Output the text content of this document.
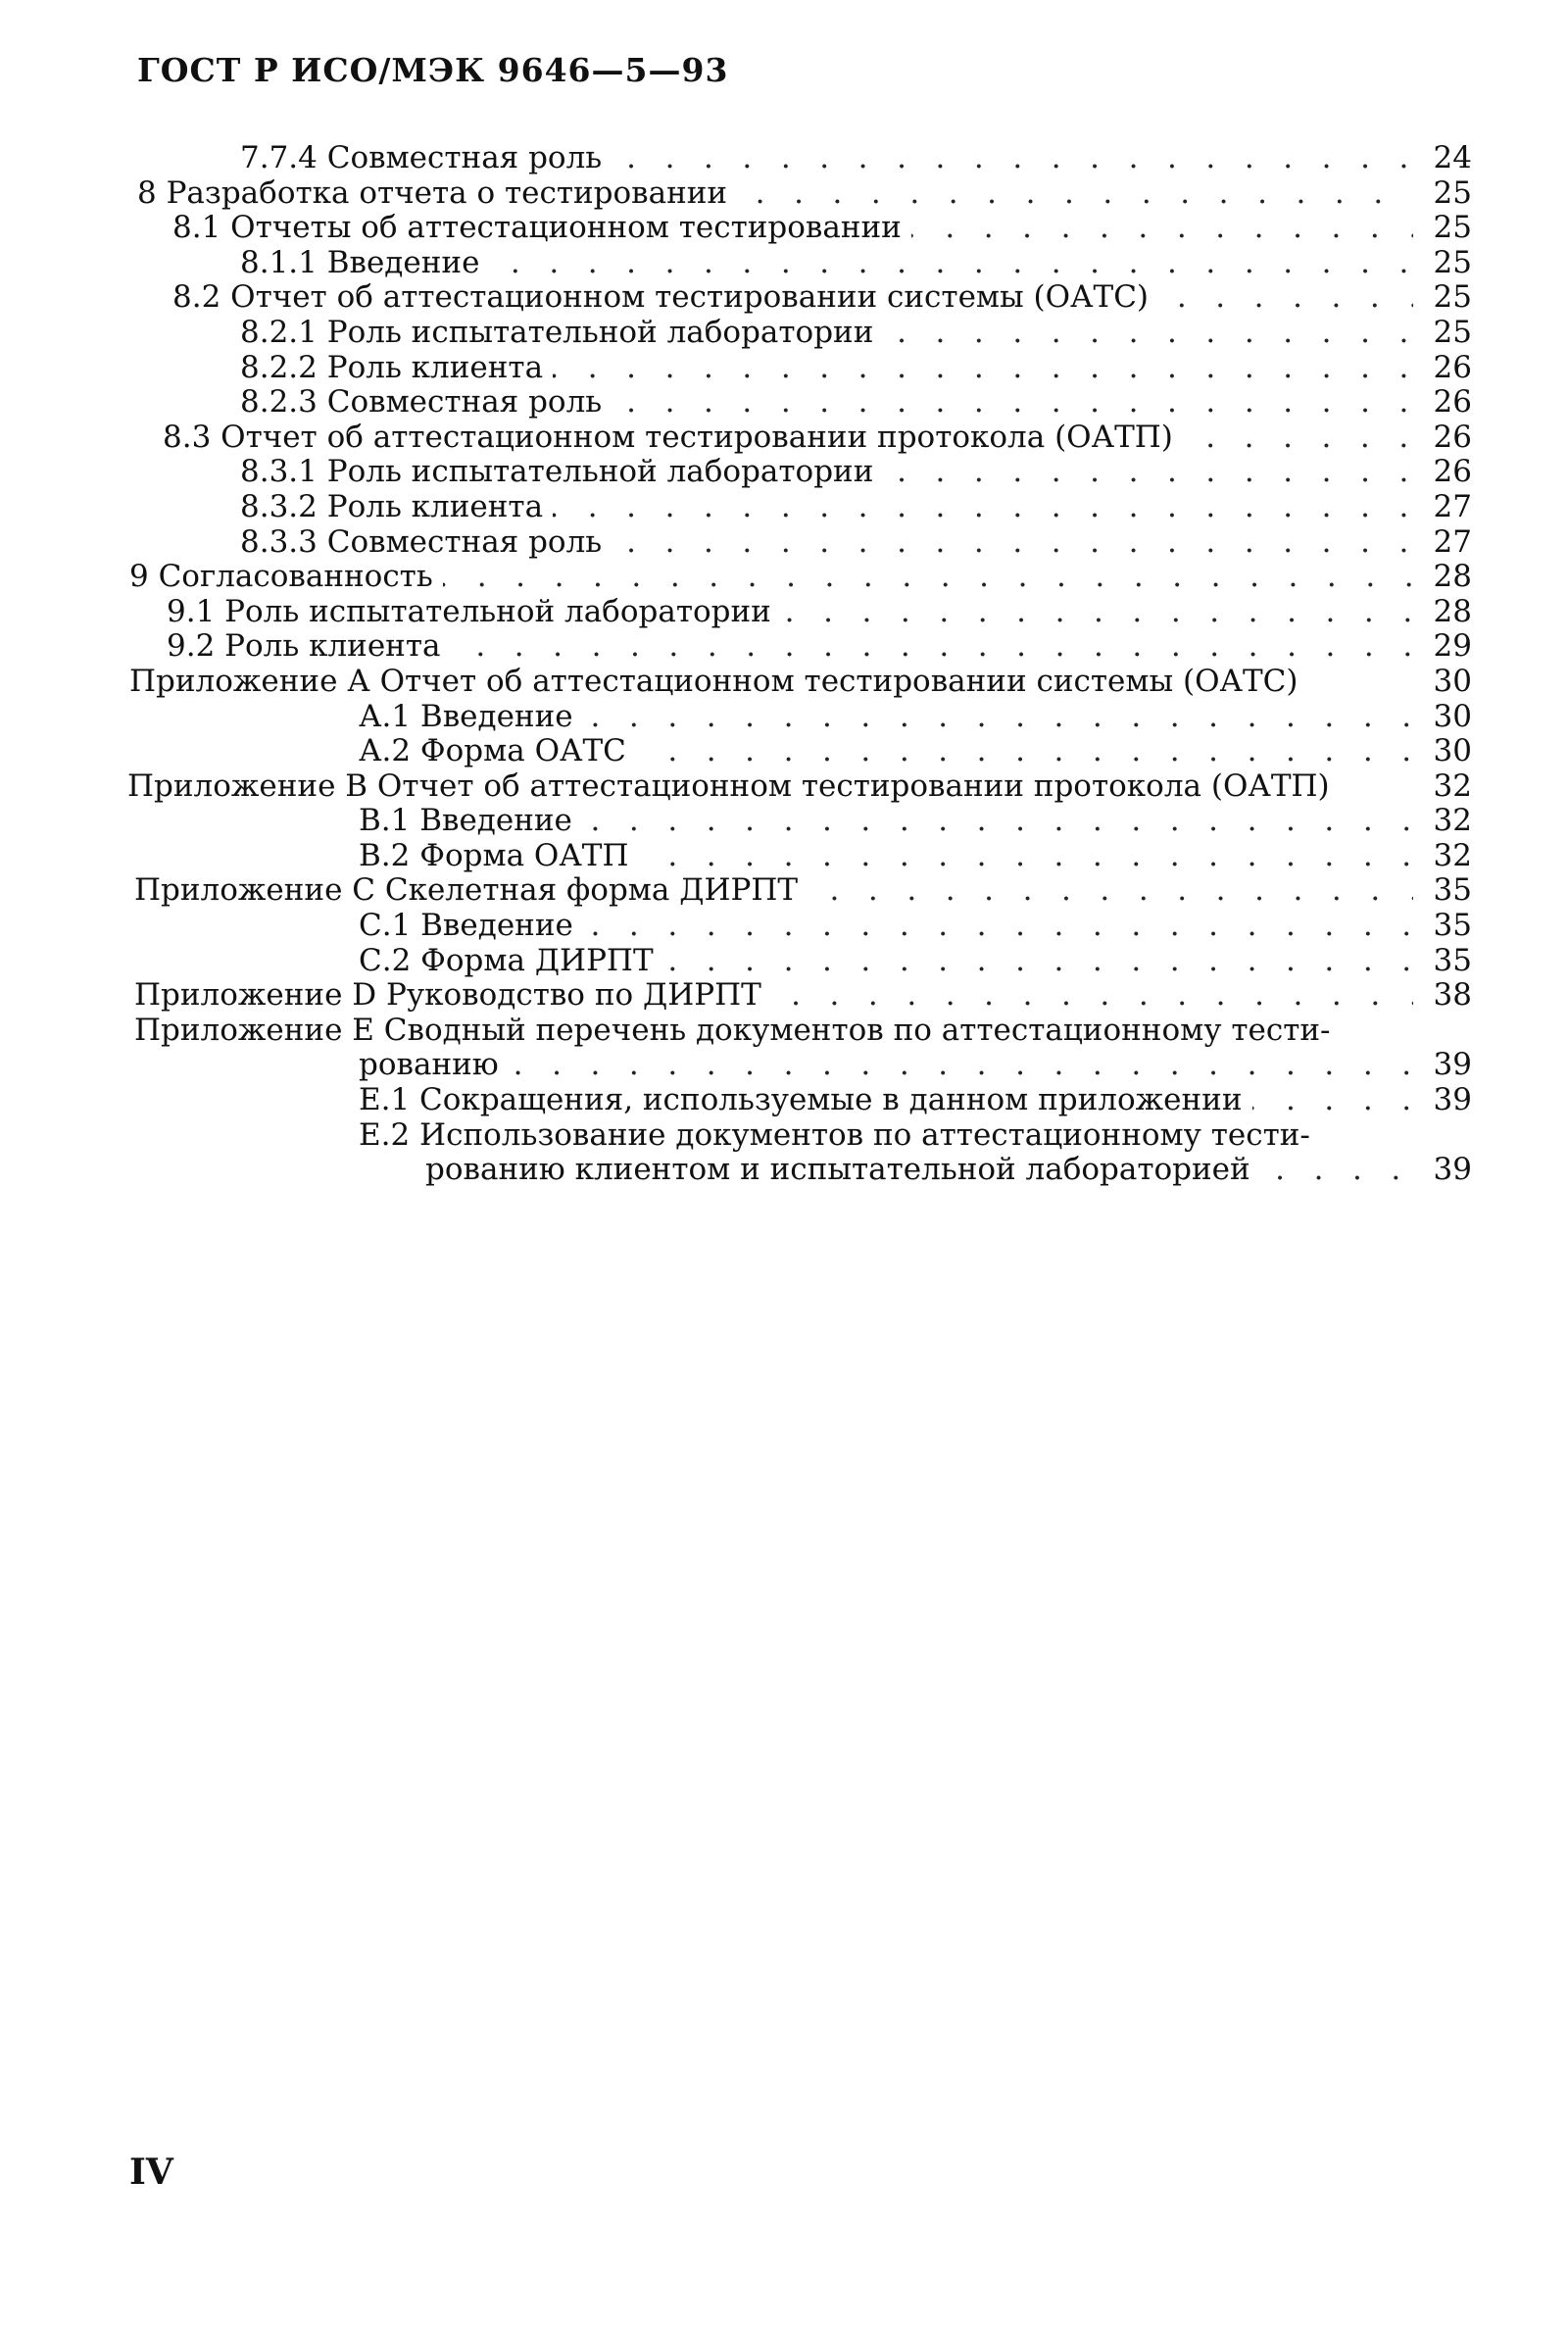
ГОСТ Р ИСО/МЭК 9646—5—93
. .
7.7.4 Совместная роль	24
. .
8 Разработка отчета о тестировании	25
. .
8.1 Отчеты об аттестационном тестировании	25
. .
8.1.1 Введение	25
. .
8.2 Отчет об аттестационном тестировании системы (ОАТС)	25
. .
8.2.1 Роль испытательной лаборатории	25
. .
8.2.2 Роль клиента	26
. .
8.2.3 Совместная роль	26
. .
8.3 Отчет об аттестационном тестировании протокола (ОАТП)	26
. .
8.3.1 Роль испытательной лаборатории	26
. .
8.3.2 Роль клиента	27
. .
8.3.3 Совместная роль	27
. .
9 Согласованность	28
. .
9.1 Роль испытательной лаборатории	28
. .
9.2 Роль клиента	29
Приложение А Отчет об аттестационном тестировании системы (ОАТС)	30
. .
А.1 Введение	30
. .
А.2 Форма ОАТС	30
Приложение В Отчет об аттестационном тестировании протокола (ОАТП)	32
. .
В.1 Введение	32
. .
В.2 Форма ОАТП	32
. .
Приложение С Скелетная форма ДИРПТ	35
. .
С.1 Введение	35
. .
С.2 Форма ДИРПТ	35
. .
Приложение D Руководство по ДИРПТ	38
Приложение Е Сводный перечень документов по аттестационному тести-
. .
рованию	39
. .
Е.1 Сокращения, используемые в данном приложении	39
Е.2 Использование документов по аттестационному тести-
. .
рованию клиентом и испытательной лабораторией	39
IV
